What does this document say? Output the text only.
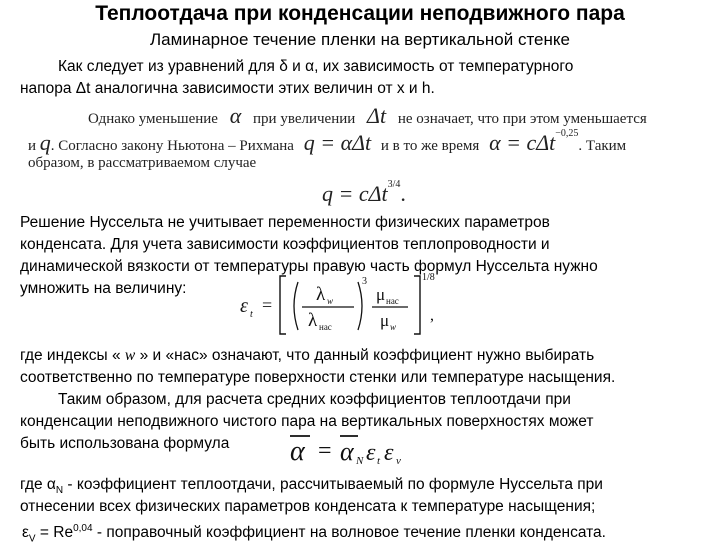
Теплоотдача при конденсации неподвижного пара
Ламинарное течение пленки на вертикальной стенке
Как следует из уравнений для δ и α, их зависимость от температурного
напора Δt аналогична зависимости этих величин от x и h.
Однако уменьшение α при увеличении Δt не означает, что при этом уменьшается
и q. Согласно закону Ньютона – Рихмана q = αΔt и в то же время α = cΔt$^{-0,25}$. Таким
образом, в рассматриваемом случае
q = cΔt$^{3/4}$.
Решение Нуссельта не учитывает переменности физических параметров
конденсата. Для учета зависимости коэффициентов теплопроводности и
динамической вязкости от температуры правую часть формул Нуссельта нужно
умножить на величину:
ε t = λ w
λ нас
3
μ нас
μ w
1/8
,
где индексы « w » и «нас» означают, что данный коэффициент нужно выбирать
соответственно по температуре поверхности стенки или температуре насыщения.
Таким образом, для расчета средних коэффициентов теплоотдачи при
конденсации неподвижного чистого пара на вертикальных поверхностях может
быть использована формула α = α N ε t ε v
где $\alpha_N$ - коэффициент теплоотдачи, рассчитываемый по формуле Нуссельта при
отнесении всех физических параметров конденсата к температуре насыщения;
$\varepsilon_V = Re^{0,04}$ - поправочный коэффициент на волновое течение пленки конденсата.
